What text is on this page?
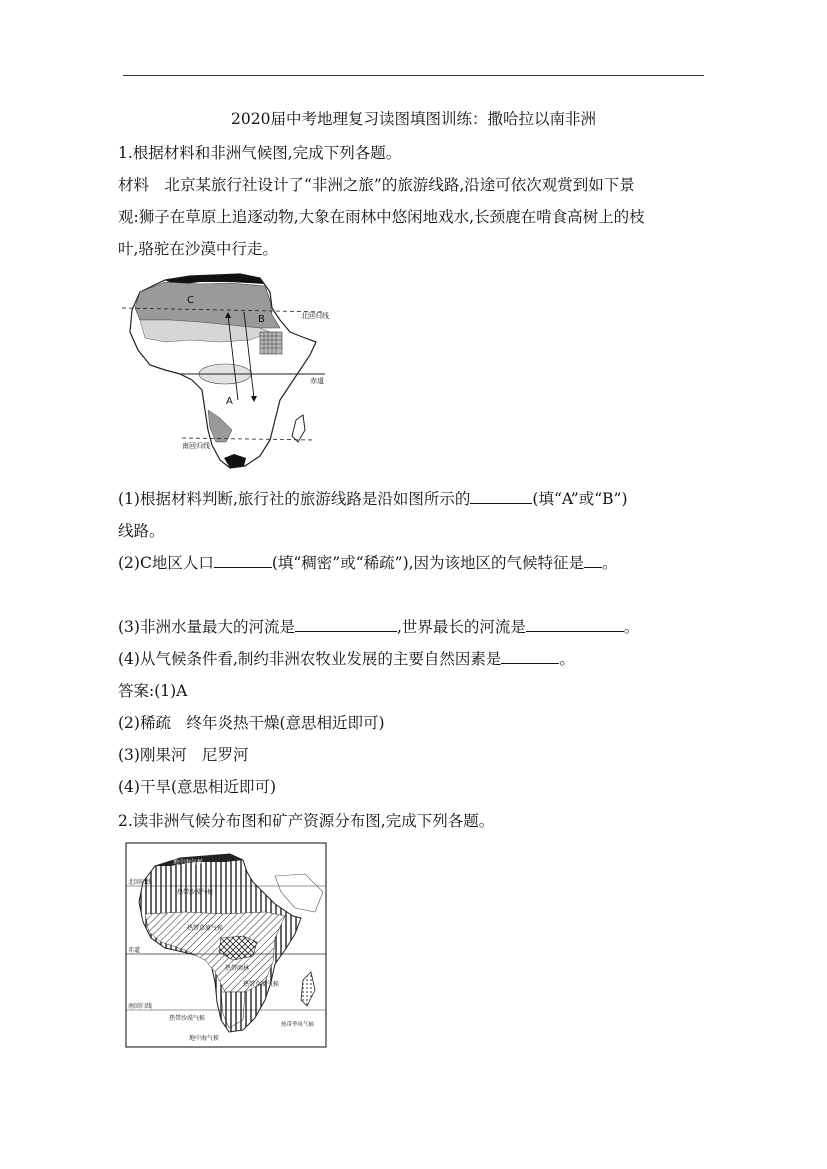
2020届中考地理复习读图填图训练：撒哈拉以南非洲
1.根据材料和非洲气候图,完成下列各题。
材料　北京某旅行社设计了“非洲之旅”的旅游线路,沿途可依次观赏到如下景
观:狮子在草原上追逐动物,大象在雨林中悠闲地戏水,长颈鹿在啃食高树上的枝
叶,骆驼在沙漠中行走。
C
B
A
北回归线
赤道
南回归线
(1)根据材料判断,旅行社的旅游线路是沿如图所示的	(填“A”或“B”)
线路。
(2)C地区人口	(填“稠密”或“稀疏”),因为该地区的气候特征是 。
(3)非洲水量最大的河流是	,世界最长的河流是	。
(4)从气候条件看,制约非洲农牧业发展的主要自然因素是	。
答案:(1)A
(2)稀疏　终年炎热干燥(意思相近即可)
(3)刚果河　尼罗河
(4)干旱(意思相近即可)
2.读非洲气候分布图和矿产资源分布图,完成下列各题。
地中海气候
热带沙漠气候
热带草原气候
热带雨林
热带草原气候
北回归线
赤道
南回归线
热带沙漠气候
热带季风气候
地中海气候
